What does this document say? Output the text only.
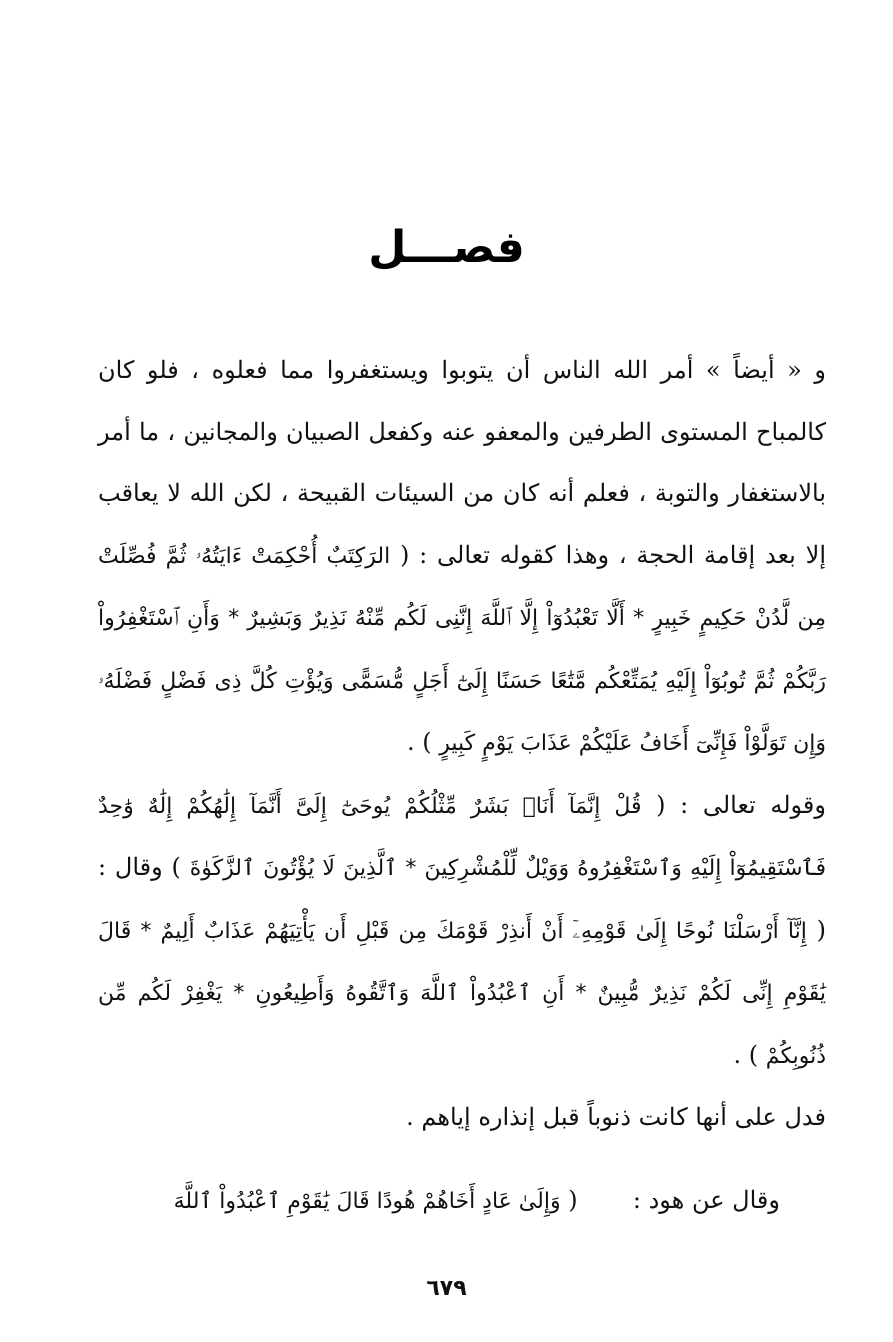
فصـــل

و « أيضاً » أمر الله الناس أن يتوبوا ويستغفروا مما فعلوه ، فلو كان كالمباح المستوى الطرفين والمعفو عنه وكفعل الصبيان والمجانين ، ما أمر بالاستغفار والتوبة ، فعلم أنه كان من السيئات القبيحة ، لكن الله لا يعاقب إلا بعد إقامة الحجة ، وهذا كقوله تعالى : ( الرَكِتَبٌ أُحْكِمَتْ ءَايَتُهُۥ ثُمَّ فُصِّلَتْ مِن لَّدُنْ حَكِيمٍ خَبِيرٍ * أَلَّا تَعْبُدُوٓاْ إِلَّا ٱللَّهَ إِنَّنِى لَكُم مِّنْهُ نَذِيرٌ وَبَشِيرٌ * وَأَنِ ٱسْتَغْفِرُواْ رَبَّكُمْ ثُمَّ تُوبُوٓاْ إِلَيْهِ يُمَتِّعْكُم مَّتَٰعًا حَسَنًا إِلَىٰٓ أَجَلٍ مُّسَمًّى وَيُؤْتِ كُلَّ ذِى فَضْلٍ فَضْلَهُۥ وَإِن تَوَلَّوْاْ فَإِنِّىٓ أَخَافُ عَلَيْكُمْ عَذَابَ يَوْمٍ كَبِيرٍ ) .

وقوله تعالى : ( قُلْ إِنَّمَآ أَنَا۠ بَشَرٌ مِّثْلُكُمْ يُوحَىٰٓ إِلَىَّ أَنَّمَآ إِلَٰهُكُمْ إِلَٰهٌ وَٰحِدٌ فَٱسْتَقِيمُوٓاْ إِلَيْهِ وَٱسْتَغْفِرُوهُ وَوَيْلٌ لِّلْمُشْرِكِينَ * ٱلَّذِينَ لَا يُؤْتُونَ ٱلزَّكَوٰةَ ) وقال : ( إِنَّآ أَرْسَلْنَا نُوحًا إِلَىٰ قَوْمِهِۦٓ أَنْ أَنذِرْ قَوْمَكَ مِن قَبْلِ أَن يَأْتِيَهُمْ عَذَابٌ أَلِيمٌ * قَالَ يَٰقَوْمِ إِنِّى لَكُمْ نَذِيرٌ مُّبِينٌ * أَنِ ٱعْبُدُواْ ٱللَّهَ وَٱتَّقُوهُ وَأَطِيعُونِ * يَغْفِرْ لَكُم مِّن ذُنُوبِكُمْ ) .

فدل على أنها كانت ذنوباً قبل إنذاره إياهم .

وقال عن هود :  ( وَإِلَىٰ عَادٍ أَخَاهُمْ هُودًا قَالَ يَٰقَوْمِ ٱعْبُدُواْ ٱللَّهَ
٦٧٩
